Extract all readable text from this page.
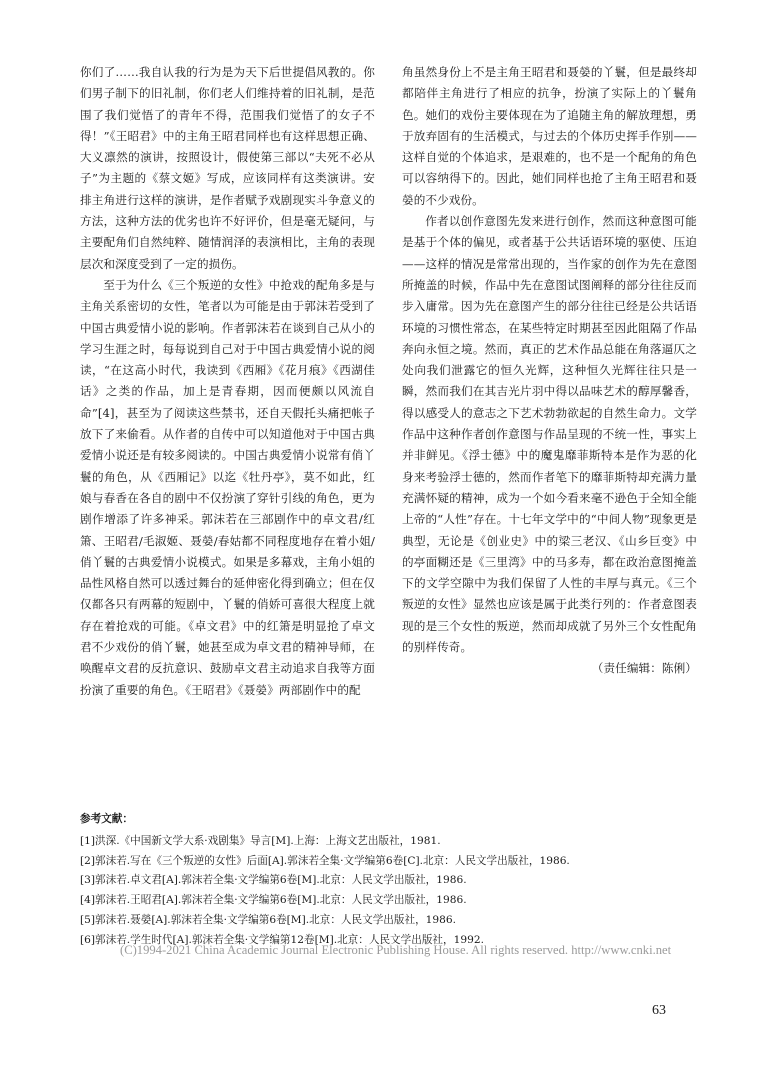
你们了……我自认我的行为是为天下后世提倡风教的。你们男子制下的旧礼制，你们老人们维持着的旧礼制，是范围了我们觉悟了的青年不得，范围我们觉悟了的女子不得！”《王昭君》中的主角王昭君同样也有这样思想正确、大义凛然的演讲，按照设计，假使第三部以“夫死不必从子”为主题的《蔡文姬》写成，应该同样有这类演讲。安排主角进行这样的演讲，是作者赋予戏剧现实斗争意义的方法，这种方法的优劣也许不好评价，但是毫无疑问，与主要配角们自然纯粹、随情润泽的表演相比，主角的表现层次和深度受到了一定的损伤。

至于为什么《三个叛逆的女性》中抢戏的配角多是与主角关系密切的女性，笔者以为可能是由于郭沫若受到了中国古典爱情小说的影响。作者郭沫若在谈到自己从小的学习生涯之时，每每说到自己对于中国古典爱情小说的阅读，“在这高小时代，我读到《西厢》《花月痕》《西湖佳话》之类的作品，加上是青春期，因而便颇以风流自命”[4]，甚至为了阅读这些禁书，还自天假托头痛把帐子放下了来偷看。从作者的自传中可以知道他对于中国古典爱情小说还是有较多阅读的。中国古典爱情小说常有俏丫鬟的角色，从《西厢记》以迄《牡丹亭》，莫不如此，红娘与春香在各自的剧中不仅扮演了穿针引线的角色，更为剧作增添了许多神采。郭沫若在三部剧作中的卓文君/红箫、王昭君/毛淑姬、聂嫈/春姑都不同程度地存在着小姐/俏丫鬟的古典爱情小说模式。如果是多幕戏，主角小姐的品性风格自然可以透过舞台的延伸密化得到确立；但在仅仅都各只有两幕的短剧中，丫鬟的俏娇可喜很大程度上就存在着抢戏的可能。《卓文君》中的红箫是明显抢了卓文君不少戏份的俏丫鬟，她甚至成为卓文君的精神导师，在唤醒卓文君的反抗意识、鼓励卓文君主动追求自我等方面扮演了重要的角色。《王昭君》《聂嫈》两部剧作中的配

角虽然身份上不是主角王昭君和聂嫈的丫鬟，但是最终却都陪伴主角进行了相应的抗争，扮演了实际上的丫鬟角色。她们的戏份主要体现在为了追随主角的解放理想，勇于放弃固有的生活模式，与过去的个体历史挥手作别——这样自觉的个体追求，是艰难的，也不是一个配角的角色可以容纳得下的。因此，她们同样也抢了主角王昭君和聂嫈的不少戏份。

作者以创作意图先发来进行创作，然而这种意图可能是基于个体的偏见，或者基于公共话语环境的驱使、压迫——这样的情况是常常出现的，当作家的创作为先在意图所掩盖的时候，作品中先在意图试图阐释的部分往往反而步入庸常。因为先在意图产生的部分往往已经是公共话语环境的习惯性常态，在某些特定时期甚至因此阻隔了作品奔向永恒之境。然而，真正的艺术作品总能在角落逼仄之处向我们泄露它的恒久光辉，这种恒久光辉往往只是一瞬，然而我们在其吉光片羽中得以品味艺术的醇厚馨香，得以感受人的意志之下艺术勃勃欲起的自然生命力。文学作品中这种作者创作意图与作品呈现的不统一性，事实上并非鲜见。《浮士德》中的魔鬼靡菲斯特本是作为恶的化身来考验浮士德的，然而作者笔下的靡菲斯特却充满力量充满怀疑的精神，成为一个如今看来毫不逊色于全知全能上帝的“人性”存在。十七年文学中的“中间人物”现象更是典型，无论是《创业史》中的梁三老汉、《山乡巨变》中的亭面糊还是《三里湾》中的马多寿，都在政治意图掩盖下的文学空隙中为我们保留了人性的丰厚与真元。《三个叛逆的女性》显然也应该是属于此类行列的：作者意图表现的是三个女性的叛逆，然而却成就了另外三个女性配角的别样传奇。

（责任编辑：陈俐）

参考文献：
[1]洪深.《中国新文学大系·戏剧集》导言[M].上海：上海文艺出版社，1981.
[2]郭沫若.写在《三个叛逆的女性》后面[A].郭沫若全集·文学编第6卷[C].北京：人民文学出版社，1986.
[3]郭沫若.卓文君[A].郭沫若全集·文学编第6卷[M].北京：人民文学出版社，1986.
[4]郭沫若.王昭君[A].郭沫若全集·文学编第6卷[M].北京：人民文学出版社，1986.
[5]郭沫若.聂嫈[A].郭沫若全集·文学编第6卷[M].北京：人民文学出版社，1986.
[6]郭沫若.学生时代[A].郭沫若全集·文学编第12卷[M].北京：人民文学出版社，1992.
(C)1994-2021 China Academic Journal Electronic Publishing House. All rights reserved. http://www.cnki.net
63
